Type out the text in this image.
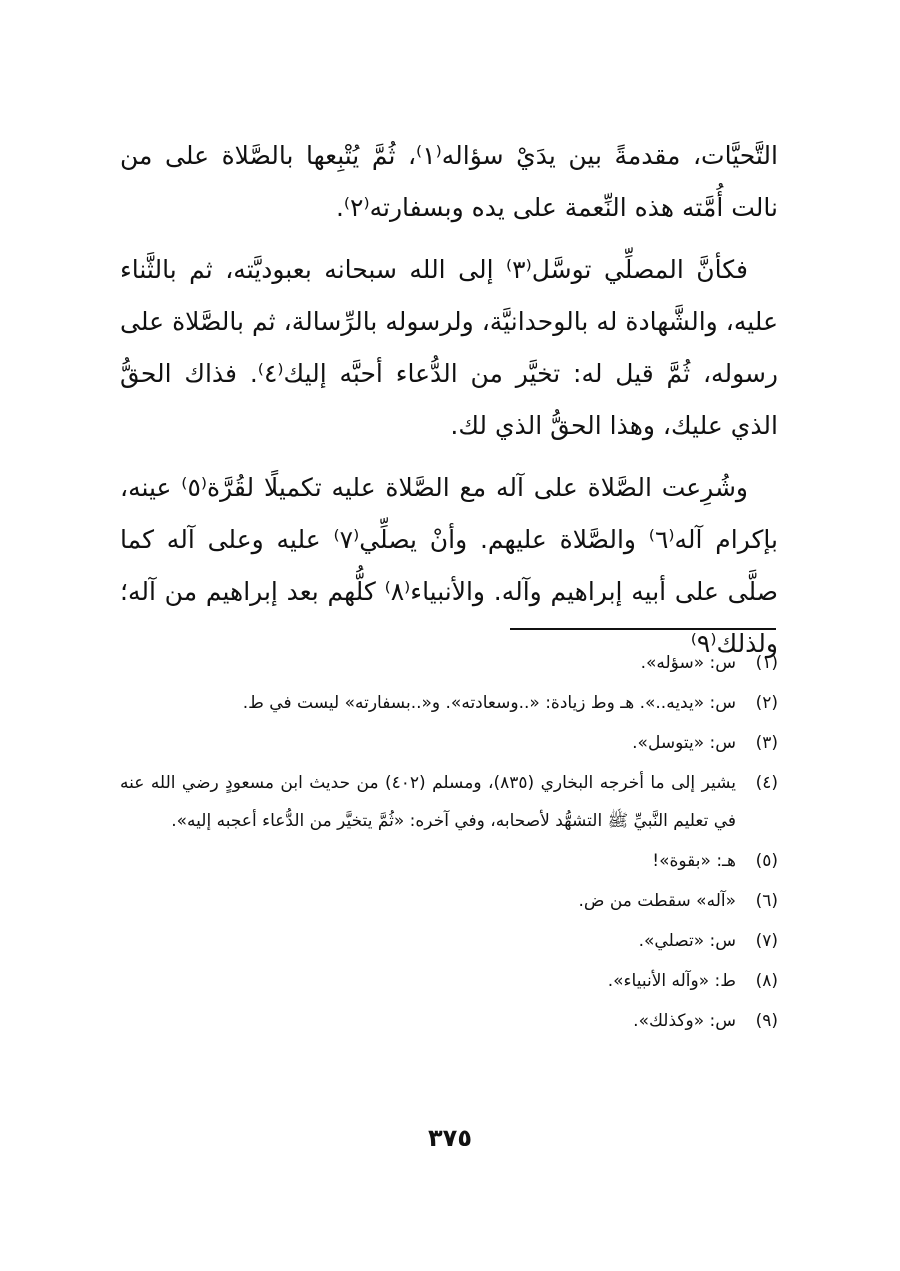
التَّحيَّات، مقدمةً بين يدَيْ سؤاله⁽١⁾، ثُمَّ يُتْبِعها بالصَّلاة على من نالت أُمَّته هذه النِّعمة على يده وبسفارته⁽٢⁾.

فكأنَّ المصلِّي توسَّل⁽٣⁾ إلى الله سبحانه بعبوديَّته، ثم بالثَّناء عليه، والشَّهادة له بالوحدانيَّة، ولرسوله بالرِّسالة، ثم بالصَّلاة على رسوله، ثُمَّ قيل له: تخيَّر من الدُّعاء أحبَّه إليك⁽٤⁾. فذاك الحقُّ الذي عليك، وهذا الحقُّ الذي لك.

وشُرِعت الصَّلاة على آله مع الصَّلاة عليه تكميلًا لقُرَّة⁽٥⁾ عينه، بإكرام آله⁽٦⁾ والصَّلاة عليهم. وأنْ يصلِّي⁽٧⁾ عليه وعلى آله كما صلَّى على أبيه إبراهيم وآله. والأنبياء⁽٨⁾ كلُّهم بعد إبراهيم من آله؛ ولذلك⁽٩⁾

(١)
س: «سؤله».
(٢)
س: «يديه..». هـ وط زيادة: «..وسعادته». و«..بسفارته» ليست في ط.
(٣)
س: «يتوسل».
(٤)
يشير إلى ما أخرجه البخاري (٨٣٥)، ومسلم (٤٠٢) من حديث ابن مسعودٍ رضي الله عنه في تعليم النَّبيِّ ﷺ التشهُّد لأصحابه، وفي آخره: «ثُمَّ يتخيَّر من الدُّعاء أعجبه إليه».
(٥)
هـ: «بقوة»!
(٦)
«آله» سقطت من ض.
(٧)
س: «تصلي».
(٨)
ط: «وآله الأنبياء».
(٩)
س: «وكذلك».
٣٧٥
